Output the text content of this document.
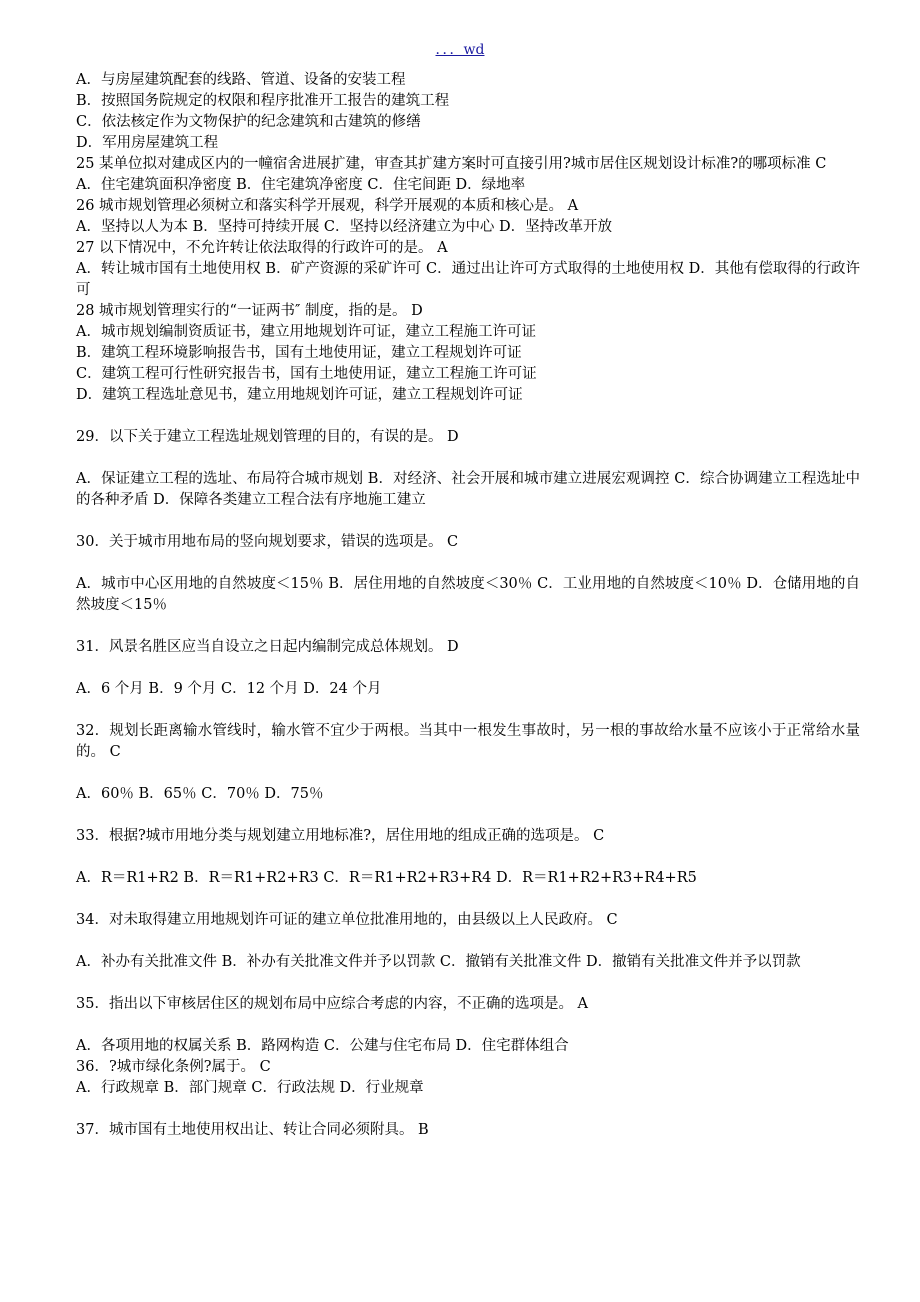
．．．wd

A．与房屋建筑配套的线路、管道、设备的安装工程

B．按照国务院规定的权限和程序批准开工报告的建筑工程

C．依法核定作为文物保护的纪念建筑和古建筑的修缮

D．军用房屋建筑工程

25 某单位拟对建成区内的一幢宿舍进展扩建，审查其扩建方案时可直接引用?城市居住区规划设计标准?的哪项标准 C

A．住宅建筑面积净密度 B．住宅建筑净密度 C．住宅间距 D．绿地率

26 城市规划管理必须树立和落实科学开展观，科学开展观的本质和核心是。 A

A．坚持以人为本 B．坚持可持续开展 C．坚持以经济建立为中心 D．坚持改革开放

27 以下情况中，不允许转让依法取得的行政许可的是。 A

A．转让城市国有土地使用权 B．矿产资源的采矿许可 C．通过出让许可方式取得的土地使用权 D．其他有偿取得的行政许可

28 城市规划管理实行的“一证两书″ 制度，指的是。 D

A．城市规划编制资质证书，建立用地规划许可证，建立工程施工许可证

B．建筑工程环境影响报告书，国有土地使用证，建立工程规划许可证

C．建筑工程可行性研究报告书，国有土地使用证，建立工程施工许可证

D．建筑工程选址意见书，建立用地规划许可证，建立工程规划许可证

29．以下关于建立工程选址规划管理的目的，有误的是。 D

A．保证建立工程的选址、布局符合城市规划 B．对经济、社会开展和城市建立进展宏观调控 C．综合协调建立工程选址中的各种矛盾 D．保障各类建立工程合法有序地施工建立

30．关于城市用地布局的竖向规划要求，错误的选项是。 C

A．城市中心区用地的自然坡度＜15％ B．居住用地的自然坡度＜30％ C．工业用地的自然坡度＜10％ D．仓储用地的自然坡度＜15％

31．风景名胜区应当自设立之日起内编制完成总体规划。 D

A．6 个月 B．9 个月 C．12 个月 D．24 个月

32．规划长距离输水管线时，输水管不宜少于两根。当其中一根发生事故时，另一根的事故给水量不应该小于正常给水量的。 C

A．60％ B．65％ C．70％ D．75％

33．根据?城市用地分类与规划建立用地标准?，居住用地的组成正确的选项是。 C

A．R＝R1+R2 B．R＝R1+R2+R3 C．R＝R1+R2+R3+R4 D．R＝R1+R2+R3+R4+R5

34．对未取得建立用地规划许可证的建立单位批准用地的，由县级以上人民政府。 C

A．补办有关批准文件 B．补办有关批准文件并予以罚款 C．撤销有关批准文件 D．撤销有关批准文件并予以罚款

35．指出以下审核居住区的规划布局中应综合考虑的内容，不正确的选项是。 A

A．各项用地的权属关系 B．路网构造 C．公建与住宅布局 D．住宅群体组合

36．?城市绿化条例?属于。 C

A．行政规章 B．部门规章 C．行政法规 D．行业规章

37．城市国有土地使用权出让、转让合同必须附具。 B
